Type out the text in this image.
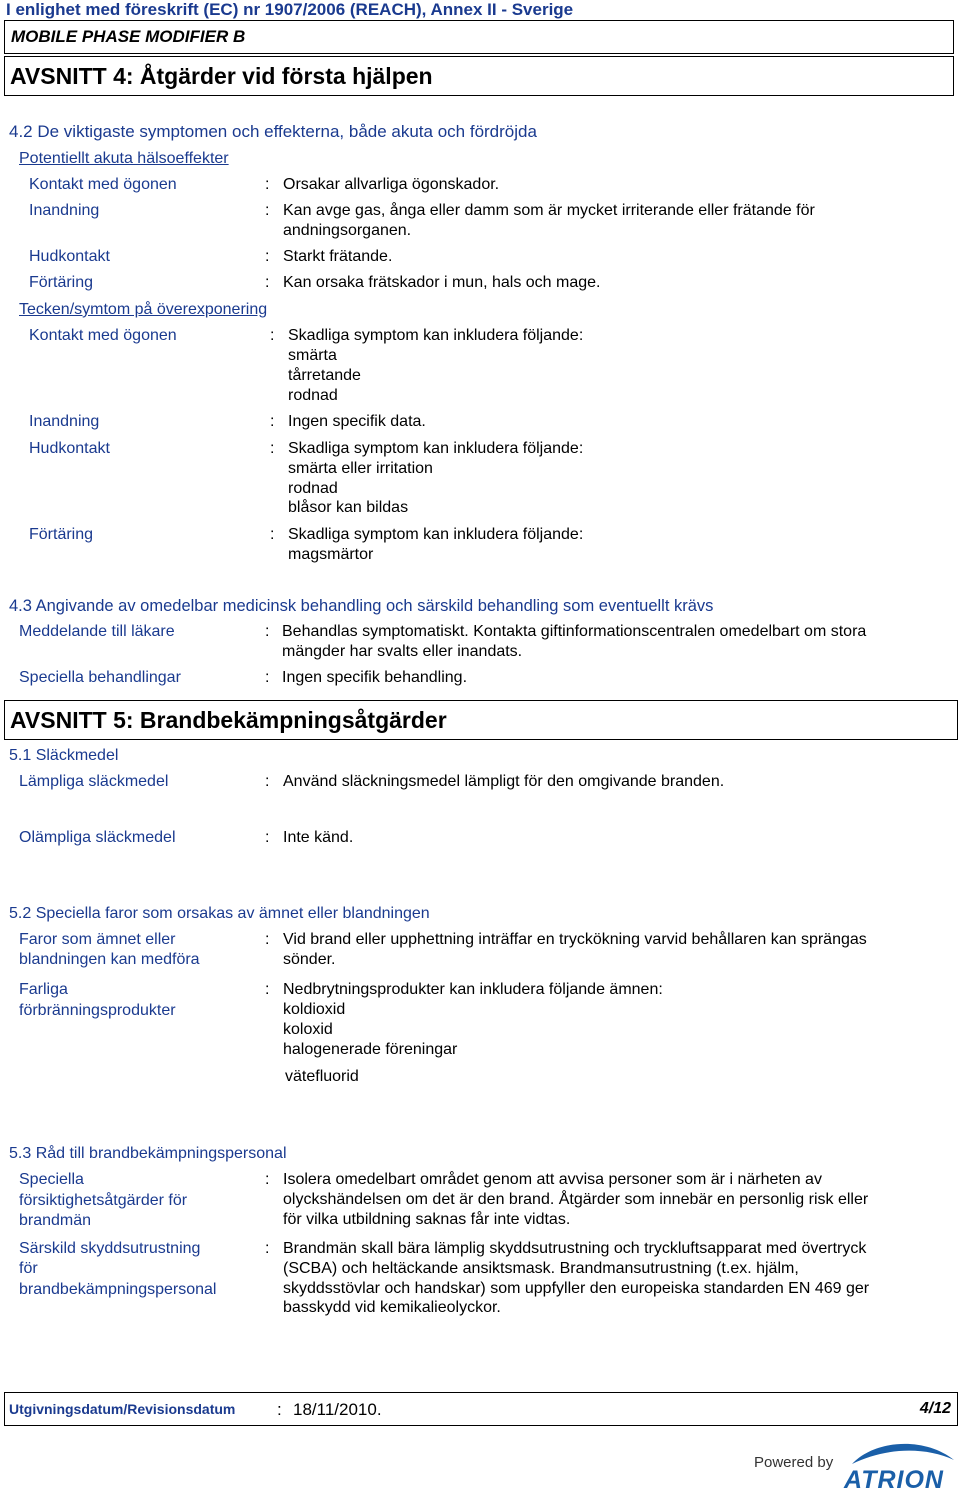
I enlighet med föreskrift (EC) nr 1907/2006 (REACH), Annex II - Sverige
MOBILE PHASE MODIFIER B
AVSNITT 4: Åtgärder vid första hjälpen
4.2 De viktigaste symptomen och effekterna, både akuta och fördröjda
Potentiellt akuta hälsoeffekter
Kontakt med ögonen	: Orsakar allvarliga ögonskador.
Inandning	: Kan avge gas, ånga eller damm som är mycket irriterande eller frätande för
andningsorganen.
Hudkontakt	: Starkt frätande.
Förtäring	: Kan orsaka frätskador i mun, hals och mage.
Tecken/symtom på överexponering
Kontakt med ögonen	: Skadliga symptom kan inkludera följande:
smärta
tårretande
rodnad
Inandning	: Ingen specifik data.
Hudkontakt	: Skadliga symptom kan inkludera följande:
smärta eller irritation
rodnad
blåsor kan bildas
Förtäring	: Skadliga symptom kan inkludera följande:
magsmärtor
4.3 Angivande av omedelbar medicinsk behandling och särskild behandling som eventuellt krävs
Meddelande till läkare	: Behandlas symptomatiskt. Kontakta giftinformationscentralen omedelbart om stora
mängder har svalts eller inandats.
Speciella behandlingar	: Ingen specifik behandling.
AVSNITT 5: Brandbekämpningsåtgärder
5.1 Släckmedel
Lämpliga släckmedel	: Använd släckningsmedel lämpligt för den omgivande branden.
Olämpliga släckmedel	: Inte känd.
5.2 Speciella faror som orsakas av ämnet eller blandningen
Faror som ämnet eller
blandningen kan medföra
: Vid brand eller upphettning inträffar en tryckökning varvid behållaren kan sprängas
sönder.
Farliga
förbränningsprodukter
: Nedbrytningsprodukter kan inkludera följande ämnen:
koldioxid
koloxid
halogenerade föreningar
vätefluorid
5.3 Råd till brandbekämpningspersonal
Speciella
försiktighetsåtgärder för
brandmän
: Isolera omedelbart området genom att avvisa personer som är i närheten av
olyckshändelsen om det är den brand. Åtgärder som innebär en personlig risk eller
för vilka utbildning saknas får inte vidtas.
Särskild skyddsutrustning
för
brandbekämpningspersonal
: Brandmän skall bära lämplig skyddsutrustning och tryckluftsapparat med övertryck
(SCBA) och heltäckande ansiktsmask. Brandmansutrustning (t.ex. hjälm,
skyddsstövlar och handskar) som uppfyller den europeiska standarden EN 469 ger
basskydd vid kemikalieolyckor.
Utgivningsdatum/Revisionsdatum : 18/11/2010.	4/12
Powered by
ATRION
